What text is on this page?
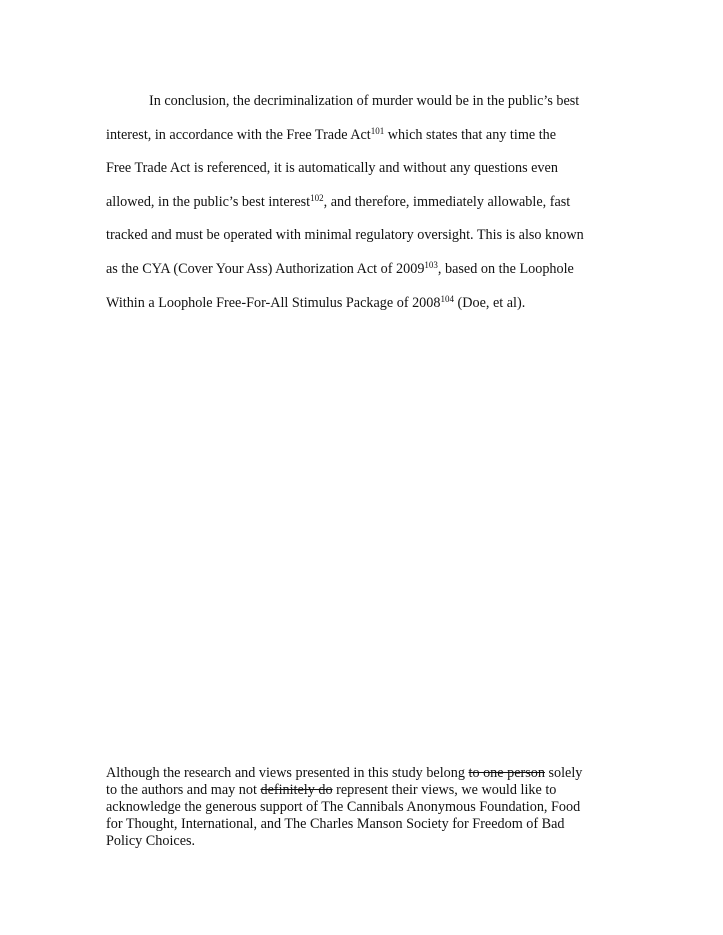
In conclusion, the decriminalization of murder would be in the public’s best
interest, in accordance with the Free Trade Act$^{101}$ which states that any time the
Free Trade Act is referenced, it is automatically and without any questions even
allowed, in the public’s best interest$^{102}$, and therefore, immediately allowable, fast
tracked and must be operated with minimal regulatory oversight. This is also known
as the CYA (Cover Your Ass) Authorization Act of 2009$^{103}$, based on the Loophole
Within a Loophole Free-For-All Stimulus Package of 2008$^{104}$ (Doe, et al).
Although the research and views presented in this study belong to one person solely
to the authors and may not definitely do represent their views, we would like to
acknowledge the generous support of The Cannibals Anonymous Foundation, Food
for Thought, International, and The Charles Manson Society for Freedom of Bad
Policy Choices.
